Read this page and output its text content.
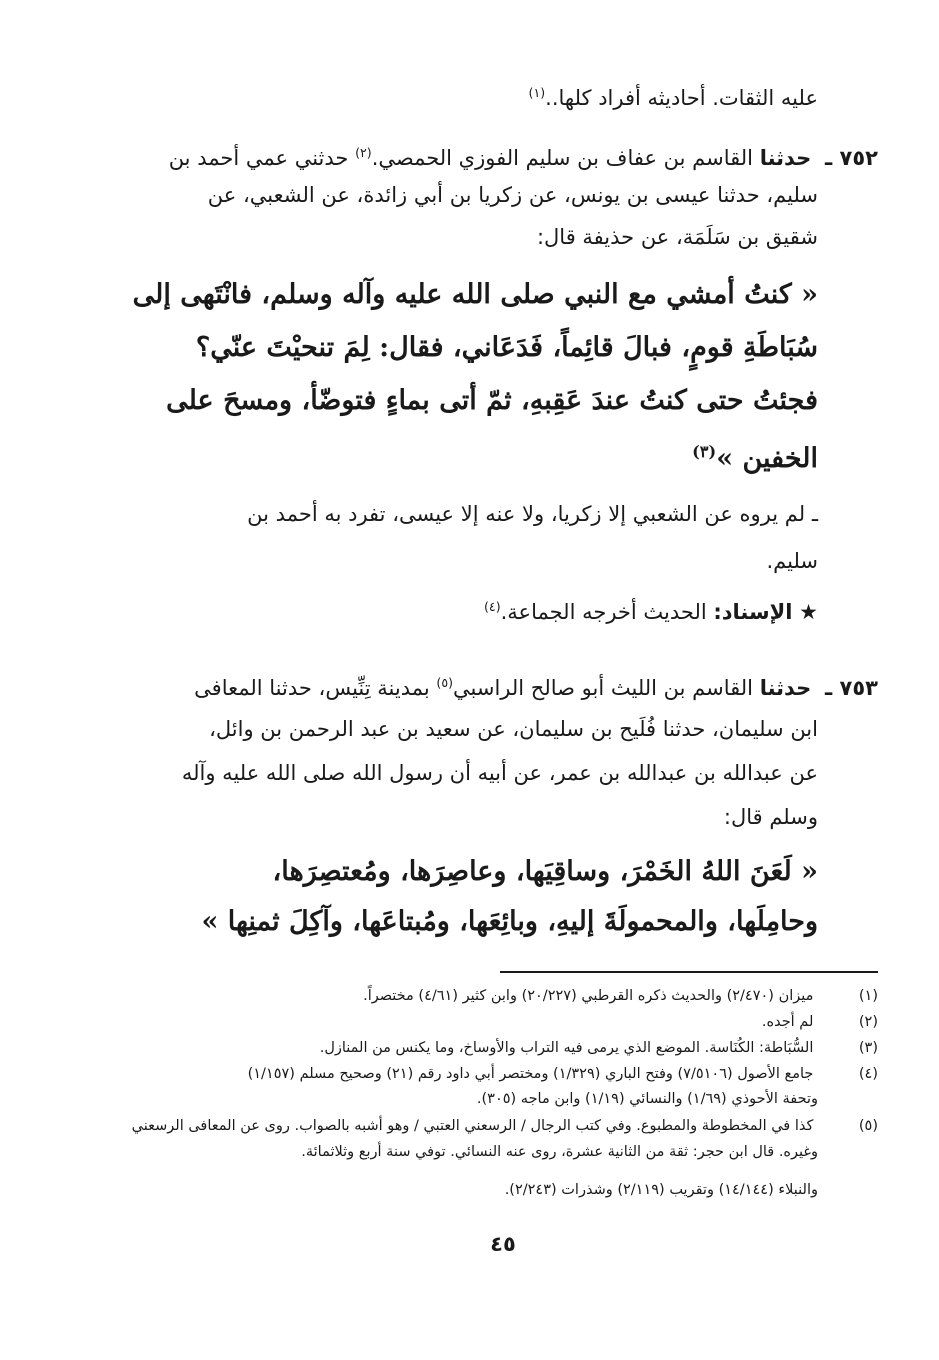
عليه الثقات. أحاديثه أفراد كلها..$^{(١)}$
٧٥٢ ـ حدثنا القاسم بن عفاف بن سليم الفوزي الحمصي.$^{(٢)}$ حدثني عمي أحمد بن
سليم، حدثنا عيسى بن يونس، عن زكريا بن أبي زائدة، عن الشعبي، عن
شقيق بن سَلَمَة، عن حذيفة قال:
« كنتُ أمشي مع النبي صلى الله عليه وآله وسلم، فانْتَهى إلى
سُبَاطَةِ قومٍ، فبالَ قائِماً، فَدَعَاني، فقال: لِمَ تنحيْتَ عنّي؟
فجئتُ حتى كنتُ عندَ عَقِبهِ، ثمّ أتى بماءٍ فتوضّأ، ومسحَ على
الخفين »$^{(٣)}$
ـ لم يروه عن الشعبي إلا زكريا، ولا عنه إلا عيسى، تفرد به أحمد بن
سليم.
★ الإسناد: الحديث أخرجه الجماعة.$^{(٤)}$
٧٥٣ ـ حدثنا القاسم بن الليث أبو صالح الراسبي$^{(٥)}$ بمدينة تِنِّيس، حدثنا المعافى
ابن سليمان، حدثنا فُلَيح بن سليمان، عن سعيد بن عبد الرحمن بن وائل،
عن عبدالله بن عبدالله بن عمر، عن أبيه أن رسول الله صلى الله عليه وآله
وسلم قال:
« لَعَنَ اللهُ الخَمْرَ، وساقِيَها، وعاصِرَها، ومُعتصِرَها،
وحامِلَها، والمحمولَةَ إليهِ، وبائِعَها، ومُبتاعَها، وآكِلَ ثمنِها »
(١) ميزان (٢/٤٧٠) والحديث ذكره القرطبي (٢٠/٢٢٧) وابن كثير (٤/٦١) مختصراً.
(٢) لم أجده.
(٣) السُّبَاطة: الكُنَاسة. الموضع الذي يرمى فيه التراب والأوساخ، وما يكنس من المنازل.
(٤) جامع الأصول (٧/٥١٠٦) وفتح الباري (١/٣٢٩) ومختصر أبي داود رقم (٢١) وصحيح مسلم (١/١٥٧)
وتحفة الأحوذي (١/٦٩) والنسائي (١/١٩) وابن ماجه (٣٠٥).
(٥) كذا في المخطوطة والمطبوع. وفي كتب الرجال / الرسعني العتبي / وهو أشبه بالصواب. روى عن المعافى الرسعني
وغيره. قال ابن حجر: ثقة من الثانية عشرة، روى عنه النسائي. توفي سنة أربع وثلاثمائة.
والنبلاء (١٤/١٤٤) وتقريب (٢/١١٩) وشذرات (٢/٢٤٣).
٤٥
